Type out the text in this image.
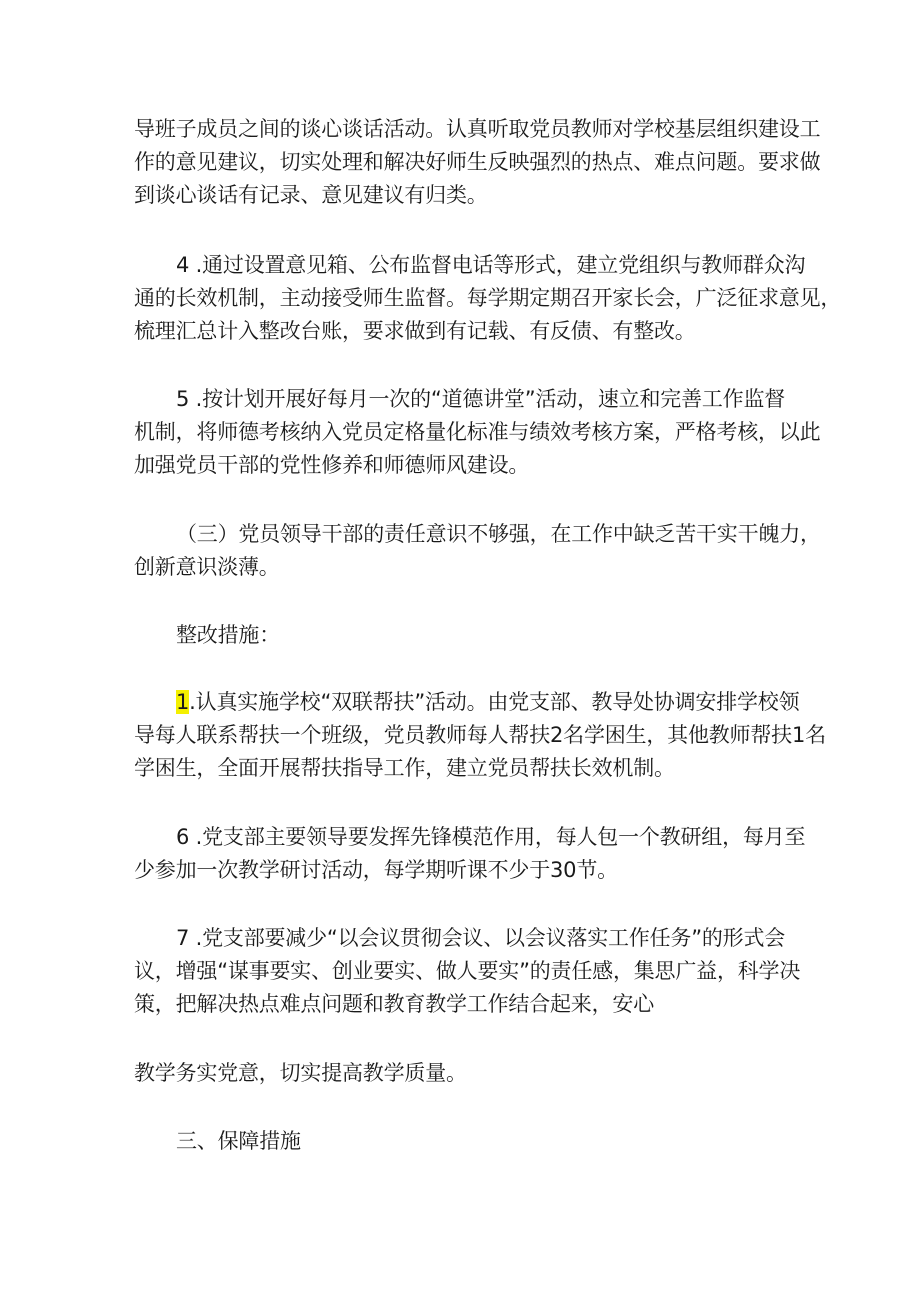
导班子成员之间的谈心谈话活动。认真听取党员教师对学校基层组织建设工
作的意见建议，切实处理和解决好师生反映强烈的热点、难点问题。要求做
到谈心谈话有记录、意见建议有归类。

4 .通过设置意见箱、公布监督电话等形式，建立党组织与教师群众沟
通的长效机制，主动接受师生监督。每学期定期召开家长会，广泛征求意见，
梳理汇总计入整改台账，要求做到有记载、有反债、有整改。

5 .按计划开展好每月一次的“道德讲堂”活动，速立和完善工作监督
机制，将师德考核纳入党员定格量化标准与绩效考核方案，严格考核，以此
加强党员干部的党性修养和师德师风建设。

（三）党员领导干部的责任意识不够强，在工作中缺乏苦干实干魄力，
创新意识淡薄。

整改措施：

1.认真实施学校“双联帮扶”活动。由党支部、教导处协调安排学校领
导每人联系帮扶一个班级，党员教师每人帮扶2名学困生，其他教师帮扶1名
学困生，全面开展帮扶指导工作，建立党员帮扶长效机制。

6 .党支部主要领导要发挥先锋模范作用，每人包一个教研组，每月至
少参加一次教学研讨活动，每学期听课不少于30节。

7 .党支部要减少“以会议贯彻会议、以会议落实工作任务”的形式会
议，增强“谋事要实、创业要实、做人要实”的责任感，集思广益，科学决
策，把解决热点难点问题和教育教学工作结合起来，安心

教学务实党意，切实提高教学质量。

三、保障措施
